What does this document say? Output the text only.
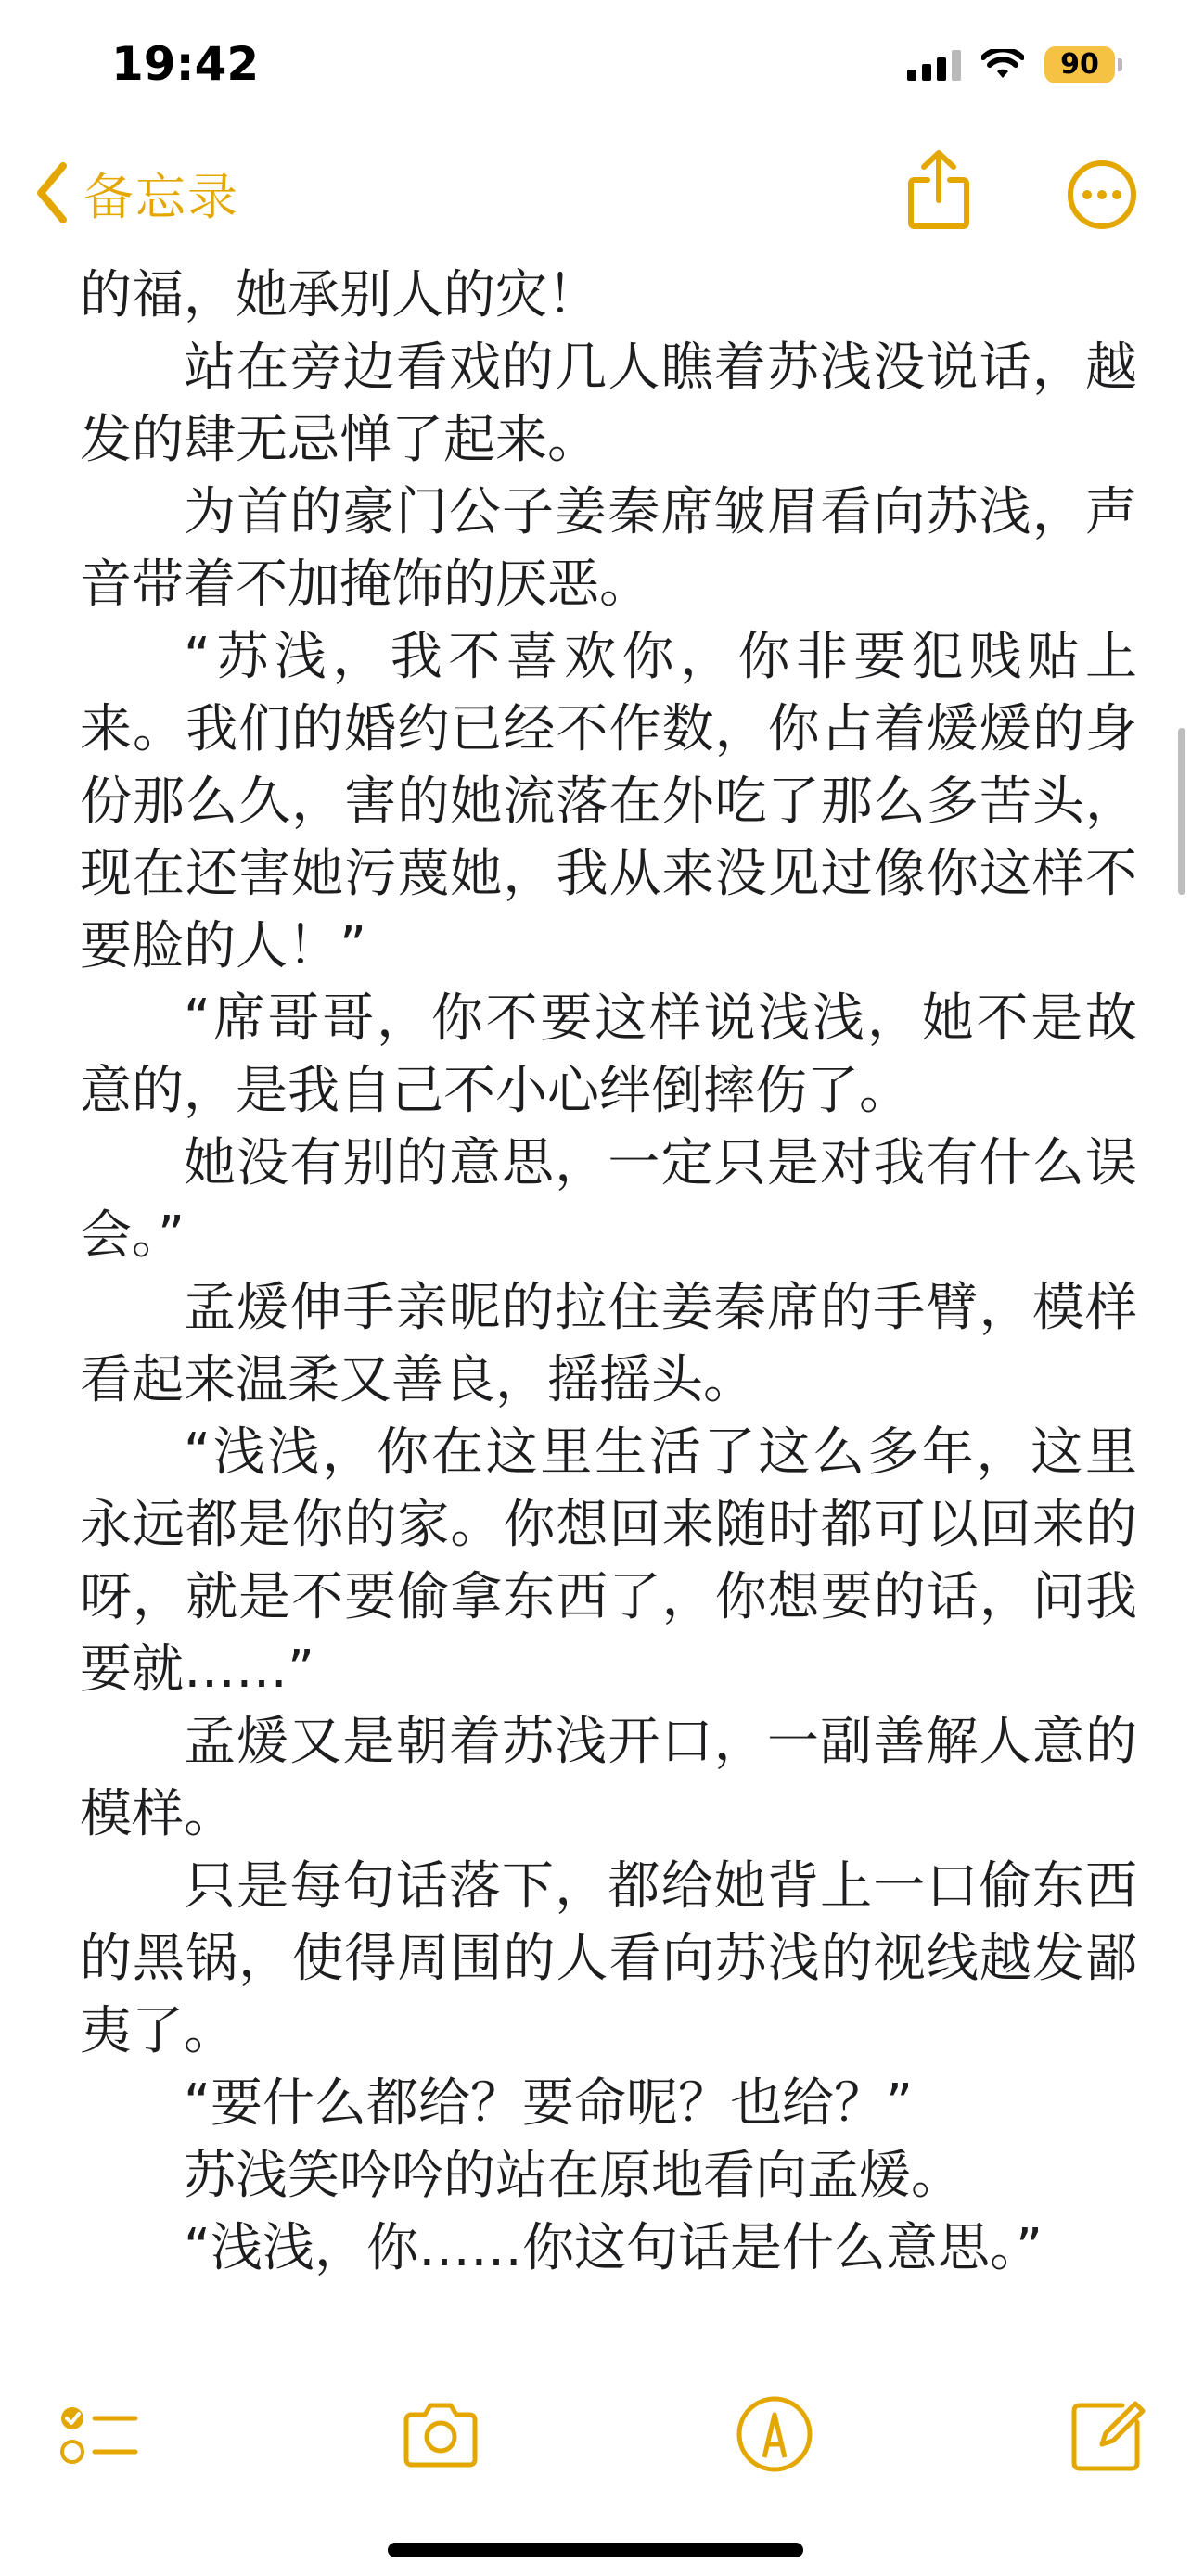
19:42	90
备忘录

的福，她承别人的灾！

站在旁边看戏的几人瞧着苏浅没说话，越发的肆无忌惮了起来。

为首的豪门公子姜秦席皱眉看向苏浅，声音带着不加掩饰的厌恶。

“苏浅，我不喜欢你，你非要犯贱贴上来。我们的婚约已经不作数，你占着煖煖的身份那么久，害的她流落在外吃了那么多苦头，现在还害她污蔑她，我从来没见过像你这样不要脸的人！”

“席哥哥，你不要这样说浅浅，她不是故意的，是我自己不小心绊倒摔伤了。

她没有别的意思，一定只是对我有什么误会。”

孟煖伸手亲昵的拉住姜秦席的手臂，模样看起来温柔又善良，摇摇头。

“浅浅，你在这里生活了这么多年，这里永远都是你的家。你想回来随时都可以回来的呀，就是不要偷拿东西了，你想要的话，问我要就……”

孟煖又是朝着苏浅开口，一副善解人意的模样。

只是每句话落下，都给她背上一口偷东西的黑锅，使得周围的人看向苏浅的视线越发鄙夷了。

“要什么都给？要命呢？也给？”

苏浅笑吟吟的站在原地看向孟煖。

“浅浅，你……你这句话是什么意思。”
